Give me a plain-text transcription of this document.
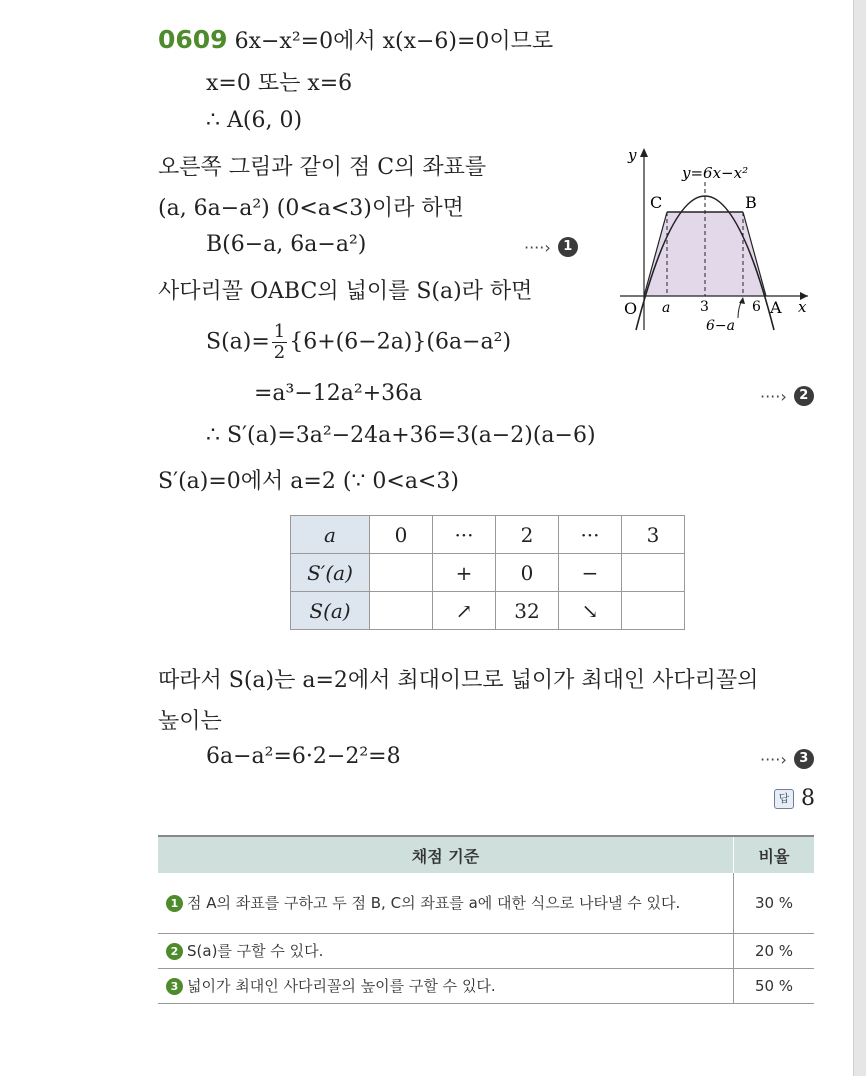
0609 6x−x²=0에서 x(x−6)=0이므로
x=0 또는 x=6
∴ A(6, 0)
오른쪽 그림과 같이 점 C의 좌표를
(a, 6a−a²) (0<a<3)이라 하면
B(6−a, 6a−a²)	····› 1
사다리꼴 OABC의 넓이를 S(a)라 하면
$S(a)= \frac{1}{2} \{6+(6-2a)\}(6a-a^2)$
=a³−12a²+36a	····› 2
∴ S′(a)=3a²−24a+36=3(a−2)(a−6)
S′(a)=0에서 a=2 (∵ 0<a<3)
y
x
y=6x−x²
C	B
O	A
a 3	6
6−a
a	0	···	2	···	3
S′(a)		+	0	−	
S(a)		↗	32	↘	
따라서 S(a)는 a=2에서 최대이므로 넓이가 최대인 사다리꼴의
높이는
6a−a²=6·2−2²=8	····› 3
답 8
채점 기준	비율
1 점 A의 좌표를 구하고 두 점 B, C의 좌표를 a에 대한 식으로 나타낼 수 있다.	30 %
2 S(a)를 구할 수 있다.	20 %
3 넓이가 최대인 사다리꼴의 높이를 구할 수 있다.	50 %
